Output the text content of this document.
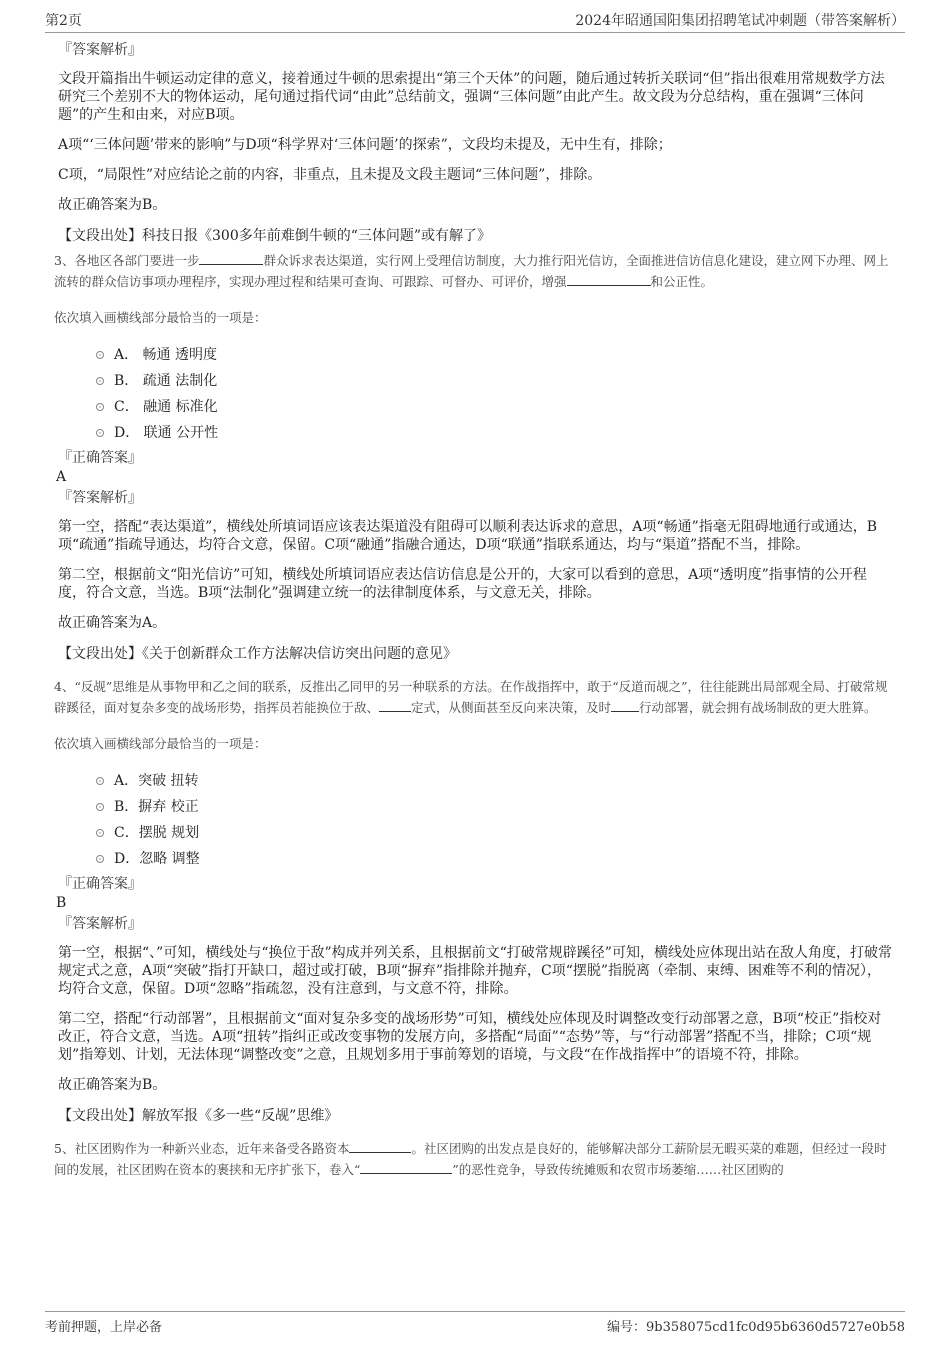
第2页	2024年昭通国阳集团招聘笔试冲刺题（带答案解析）

『答案解析』

文段开篇指出牛顿运动定律的意义，接着通过牛顿的思索提出“第三个天体”的问题，随后通过转折关联词“但”指出很难用常规数学方法研究三个差别不大的物体运动，尾句通过指代词“由此”总结前文，强调“三体问题”由此产生。故文段为分总结构，重在强调“三体问题”的产生和由来，对应B项。

A项“‘三体问题’带来的影响”与D项“科学界对‘三体问题’的探索”，文段均未提及，无中生有，排除；

C项，“局限性”对应结论之前的内容，非重点，且未提及文段主题词“三体问题”，排除。

故正确答案为B。

【文段出处】科技日报《300多年前难倒牛顿的“三体问题”或有解了》

3、各地区各部门要进一步	群众诉求表达渠道，实行网上受理信访制度，大力推行阳光信访，全面推进信访信息化建设，建立网下办理、网上流转的群众信访事项办理程序，实现办理过程和结果可查询、可跟踪、可督办、可评价，增强	和公正性。

依次填入画横线部分最恰当的一项是：

A． 畅通 透明度
B． 疏通 法制化
C． 融通 标准化
D． 联通 公开性

『正确答案』

A

『答案解析』

第一空，搭配“表达渠道”，横线处所填词语应该表达渠道没有阻碍可以顺利表达诉求的意思，A项“畅通”指毫无阻碍地通行或通达，B项“疏通”指疏导通达，均符合文意，保留。C项“融通”指融合通达，D项“联通”指联系通达，均与“渠道”搭配不当，排除。

第二空，根据前文“阳光信访”可知，横线处所填词语应表达信访信息是公开的，大家可以看到的意思，A项“透明度”指事情的公开程度，符合文意，当选。B项“法制化”强调建立统一的法律制度体系，与文意无关，排除。

故正确答案为A。

【文段出处】《关于创新群众工作方法解决信访突出问题的意见》

4、“反觇”思维是从事物甲和乙之间的联系，反推出乙同甲的另一种联系的方法。在作战指挥中，敢于“反道而觇之”，往往能跳出局部观全局、打破常规辟蹊径，面对复杂多变的战场形势，指挥员若能换位于敌、	定式，从侧面甚至反向来决策，及时 行动部署，就会拥有战场制敌的更大胜算。

依次填入画横线部分最恰当的一项是：

A．突破 扭转
B．摒弃 校正
C．摆脱 规划
D．忽略 调整

『正确答案』

B

『答案解析』

第一空，根据“、”可知，横线处与“换位于敌”构成并列关系，且根据前文“打破常规辟蹊径”可知，横线处应体现出站在敌人角度，打破常规定式之意，A项“突破”指打开缺口，超过或打破，B项“摒弃”指排除并抛弃，C项“摆脱”指脱离（牵制、束缚、困难等不利的情况），均符合文意，保留。D项“忽略”指疏忽，没有注意到，与文意不符，排除。

第二空，搭配“行动部署”，且根据前文“面对复杂多变的战场形势”可知，横线处应体现及时调整改变行动部署之意，B项“校正”指校对改正，符合文意，当选。A项“扭转”指纠正或改变事物的发展方向，多搭配“局面”“态势”等，与“行动部署”搭配不当，排除；C项“规划”指筹划、计划，无法体现“调整改变”之意，且规划多用于事前筹划的语境，与文段“在作战指挥中”的语境不符，排除。

故正确答案为B。

【文段出处】解放军报《多一些“反觇”思维》

5、社区团购作为一种新兴业态，近年来备受各路资本	。社区团购的出发点是良好的，能够解决部分工薪阶层无暇买菜的难题，但经过一段时间的发展，社区团购在资本的裹挟和无序扩张下，卷入“	”的恶性竞争，导致传统摊贩和农贸市场萎缩……社区团购的

考前押题，上岸必备	编号：9b358075cd1fc0d95b6360d5727e0b58
